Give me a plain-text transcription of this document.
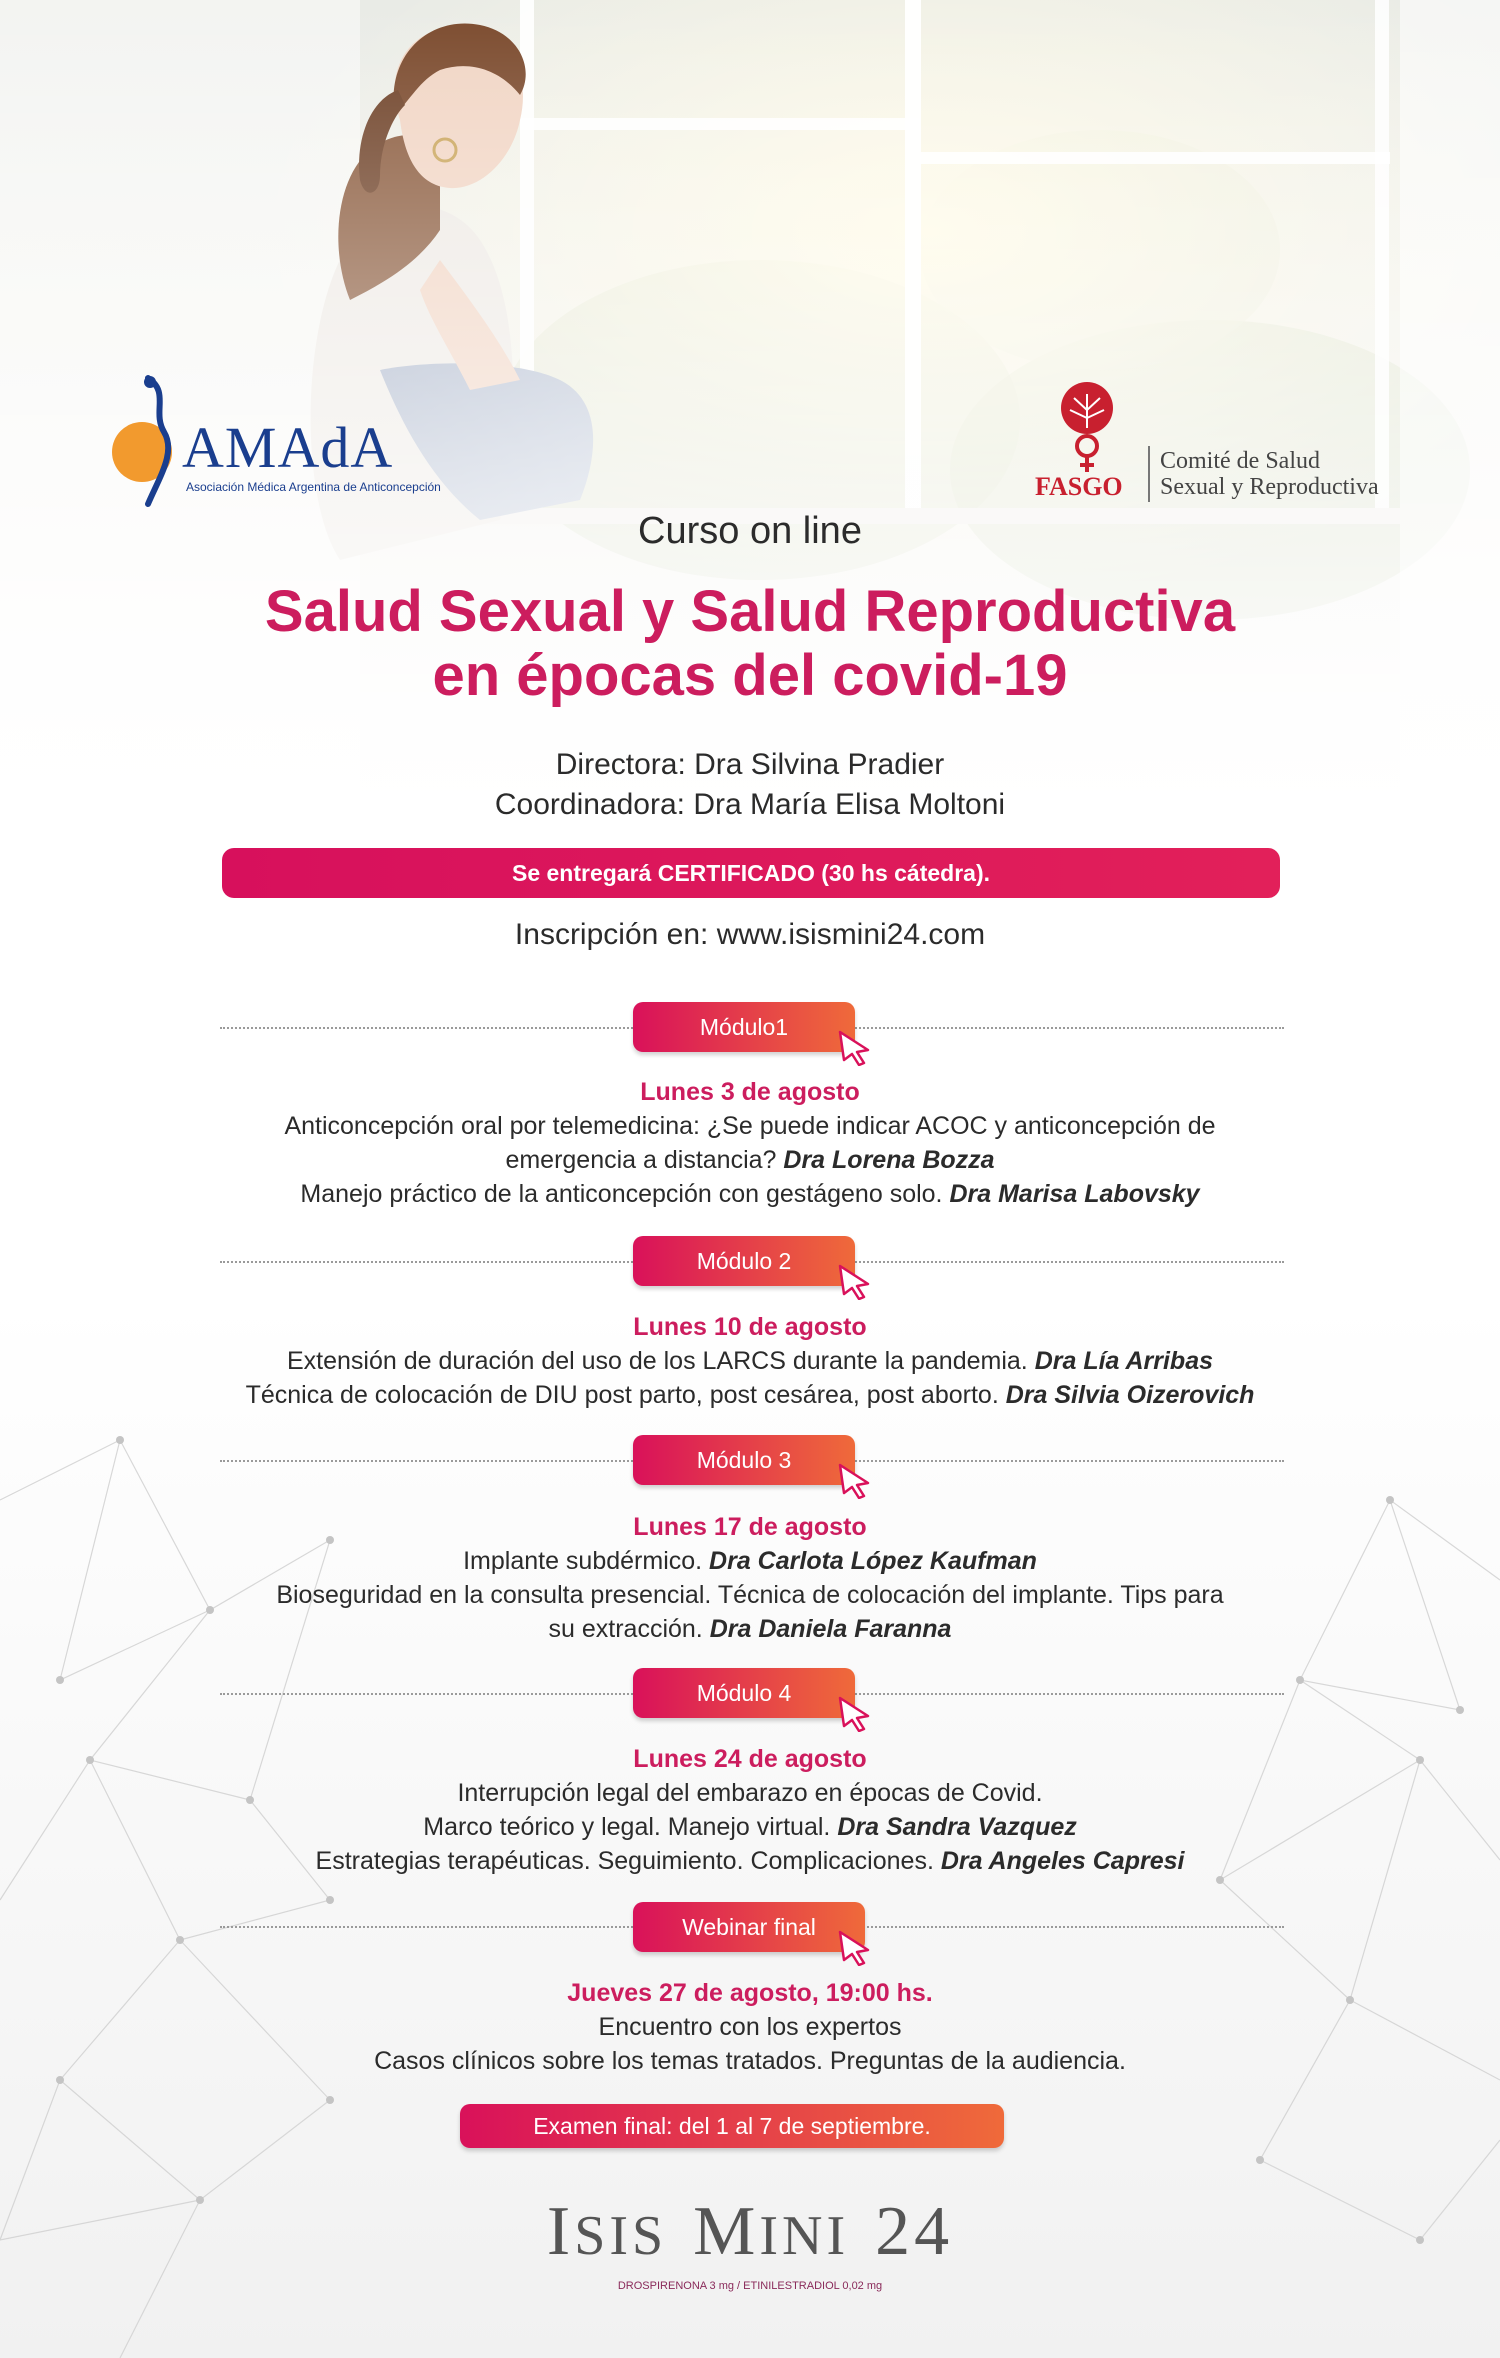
AMAdA
Asociación Médica Argentina de Anticoncepción	FASGO
Comité de Salud
Sexual y Reproductiva
Curso on line
Salud Sexual y Salud Reproductiva
en épocas del covid-19
Directora: Dra Silvina Pradier
Coordinadora: Dra María Elisa Moltoni
Se entregará CERTIFICADO (30 hs cátedra).
Inscripción en: www.isismini24.com
Módulo1
Lunes 3 de agosto
Anticoncepción oral por telemedicina: ¿Se puede indicar ACOC y anticoncepción de
emergencia a distancia? Dra Lorena Bozza
Manejo práctico de la anticoncepción con gestágeno solo. Dra Marisa Labovsky
Módulo 2
Lunes 10 de agosto
Extensión de duración del uso de los LARCS durante la pandemia. Dra Lía Arribas
Técnica de colocación de DIU post parto, post cesárea, post aborto. Dra Silvia Oizerovich
Módulo 3
Lunes 17 de agosto
Implante subdérmico. Dra Carlota López Kaufman
Bioseguridad en la consulta presencial. Técnica de colocación del implante. Tips para
su extracción. Dra Daniela Faranna
Módulo 4
Lunes 24 de agosto
Interrupción legal del embarazo en épocas de Covid.
Marco teórico y legal. Manejo virtual. Dra Sandra Vazquez
Estrategias terapéuticas. Seguimiento. Complicaciones. Dra Angeles Capresi
Webinar final
Jueves 27 de agosto, 19:00 hs.
Encuentro con los expertos
Casos clínicos sobre los temas tratados. Preguntas de la audiencia.
Examen final: del 1 al 7 de septiembre.
ISIS MINI 24
DROSPIRENONA 3 mg / ETINILESTRADIOL 0,02 mg
